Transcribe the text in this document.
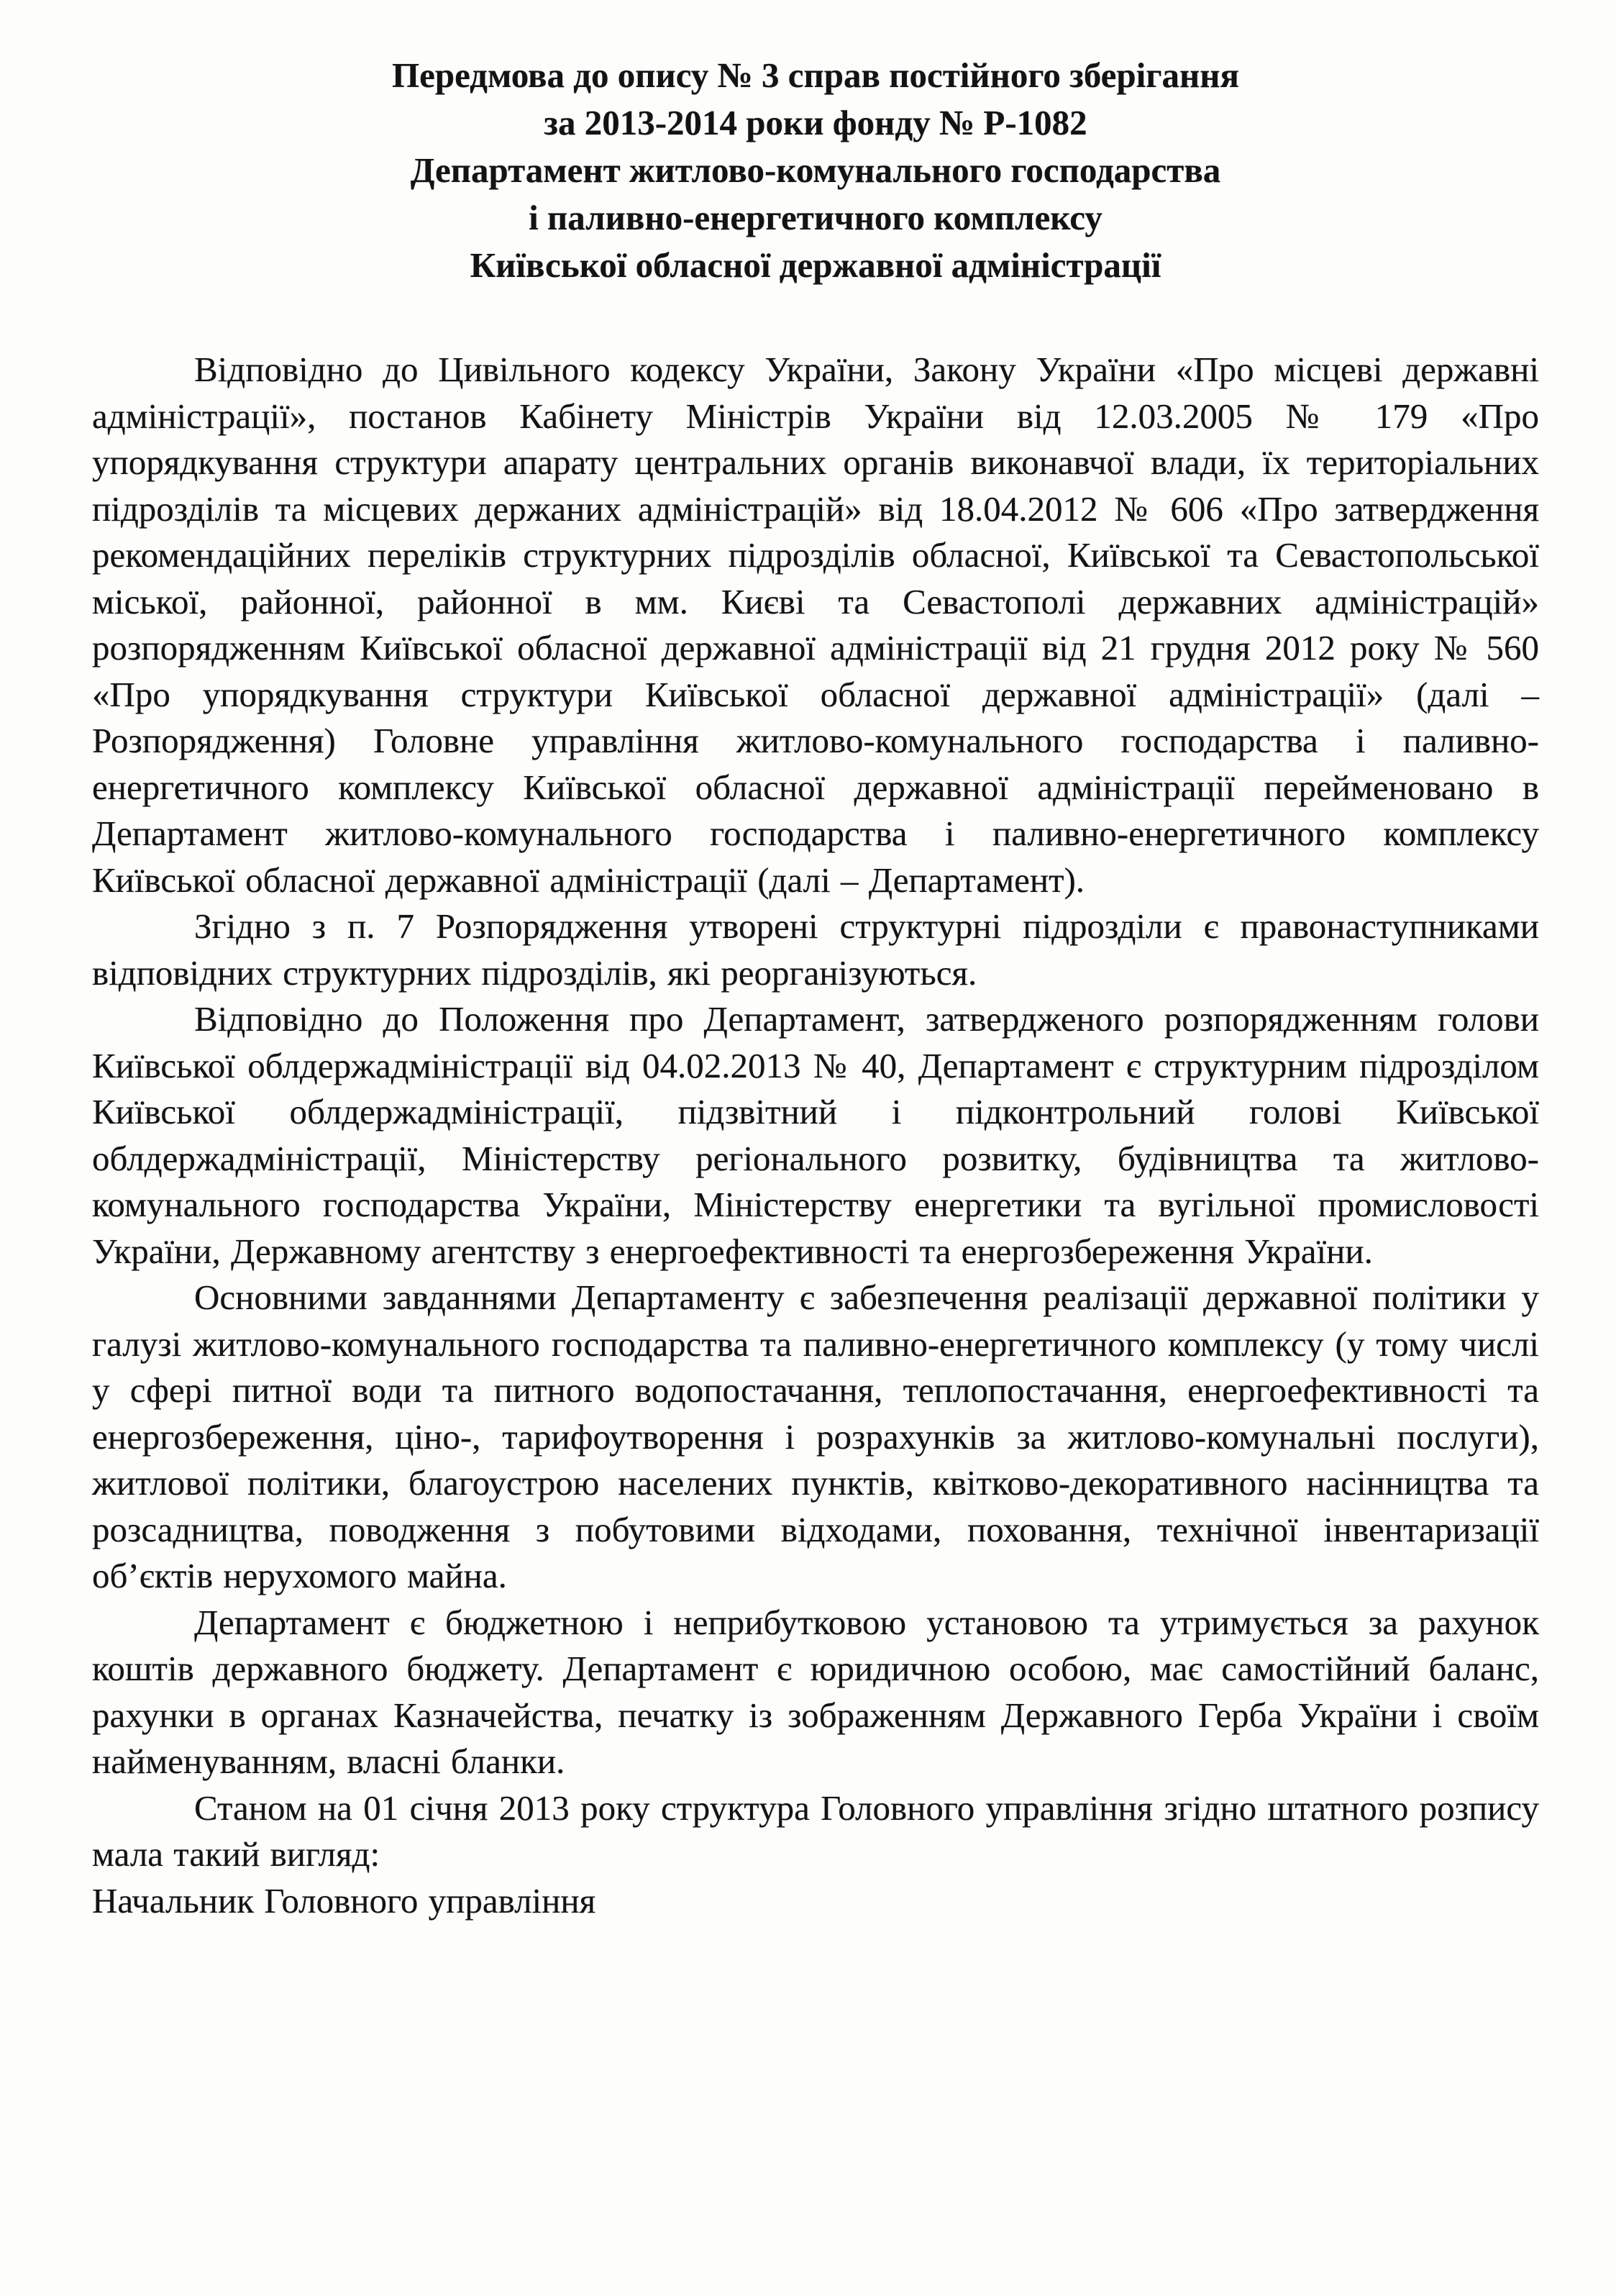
Передмова до опису № 3 справ постійного зберігання
за 2013-2014 роки фонду № Р-1082
Департамент житлово-комунального господарства
і паливно-енергетичного комплексу
Київської обласної державної адміністрації

Відповідно до Цивільного кодексу України, Закону України «Про місцеві державні адміністрації», постанов Кабінету Міністрів України від 12.03.2005 № 179 «Про упорядкування структури апарату центральних органів виконавчої влади, їх територіальних підрозділів та місцевих держаних адміністрацій» від 18.04.2012 № 606 «Про затвердження рекомендаційних переліків структурних підрозділів обласної, Київської та Севастопольської міської, районної, районної в мм. Києві та Севастополі державних адміністрацій» розпорядженням Київської обласної державної адміністрації від 21 грудня 2012 року № 560 «Про упорядкування структури Київської обласної державної адміністрації» (далі – Розпорядження) Головне управління житлово-комунального господарства і паливно-енергетичного комплексу Київської обласної державної адміністрації перейменовано в Департамент житлово-комунального господарства і паливно-енергетичного комплексу Київської обласної державної адміністрації (далі – Департамент).

Згідно з п. 7 Розпорядження утворені структурні підрозділи є правонаступниками відповідних структурних підрозділів, які реорганізуються.

Відповідно до Положення про Департамент, затвердженого розпорядженням голови Київської облдержадміністрації від 04.02.2013 № 40, Департамент є структурним підрозділом Київської облдержадміністрації, підзвітний і підконтрольний голові Київської облдержадміністрації, Міністерству регіонального розвитку, будівництва та житлово-комунального господарства України, Міністерству енергетики та вугільної промисловості України, Державному агентству з енергоефективності та енергозбереження України.

Основними завданнями Департаменту є забезпечення реалізації державної політики у галузі житлово-комунального господарства та паливно-енергетичного комплексу (у тому числі у сфері питної води та питного водопостачання, теплопостачання, енергоефективності та енергозбереження, ціно-, тарифоутворення і розрахунків за житлово-комунальні послуги), житлової політики, благоустрою населених пунктів, квітково-декоративного насінництва та розсадництва, поводження з побутовими відходами, поховання, технічної інвентаризації об’єктів нерухомого майна.

Департамент є бюджетною і неприбутковою установою та утримується за рахунок коштів державного бюджету. Департамент є юридичною особою, має самостійний баланс, рахунки в органах Казначейства, печатку із зображенням Державного Герба України і своїм найменуванням, власні бланки.

Станом на 01 січня 2013 року структура Головного управління згідно штатного розпису мала такий вигляд:

Начальник Головного управління
